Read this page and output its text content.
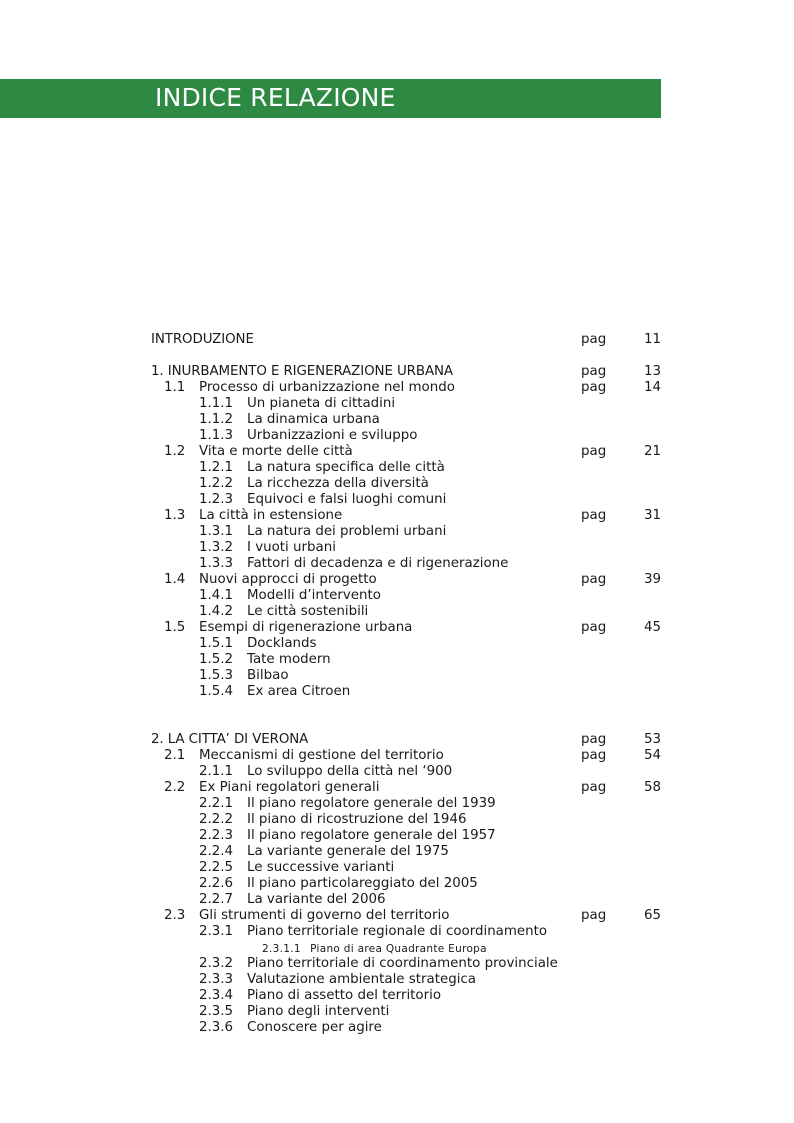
INDICE RELAZIONE
INTRODUZIONE	pag	11
1. INURBAMENTO E RIGENERAZIONE URBANA	pag	13
1.1 Processo di urbanizzazione nel mondo	pag	14
1.1.1 Un pianeta di cittadini
1.1.2 La dinamica urbana
1.1.3 Urbanizzazioni e sviluppo
1.2 Vita e morte delle città	pag	21
1.2.1 La natura specifica delle città
1.2.2 La ricchezza della diversità
1.2.3 Equivoci e falsi luoghi comuni
1.3 La città in estensione	pag	31
1.3.1 La natura dei problemi urbani
1.3.2 I vuoti urbani
1.3.3 Fattori di decadenza e di rigenerazione
1.4 Nuovi approcci di progetto	pag	39
1.4.1 Modelli d’intervento
1.4.2 Le città sostenibili
1.5 Esempi di rigenerazione urbana	pag	45
1.5.1 Docklands
1.5.2 Tate modern
1.5.3 Bilbao
1.5.4 Ex area Citroen
2. LA CITTA’ DI VERONA	pag	53
2.1 Meccanismi di gestione del territorio	pag	54
2.1.1 Lo sviluppo della città nel ‘900
2.2 Ex Piani regolatori generali	pag	58
2.2.1 Il piano regolatore generale del 1939
2.2.2 Il piano di ricostruzione del 1946
2.2.3 Il piano regolatore generale del 1957
2.2.4 La variante generale del 1975
2.2.5 Le successive varianti
2.2.6 Il piano particolareggiato del 2005
2.2.7 La variante del 2006
2.3 Gli strumenti di governo del territorio	pag	65
2.3.1 Piano territoriale regionale di coordinamento
2.3.1.1 Piano di area Quadrante Europa
2.3.2 Piano territoriale di coordinamento provinciale
2.3.3 Valutazione ambientale strategica
2.3.4 Piano di assetto del territorio
2.3.5 Piano degli interventi
2.3.6 Conoscere per agire
